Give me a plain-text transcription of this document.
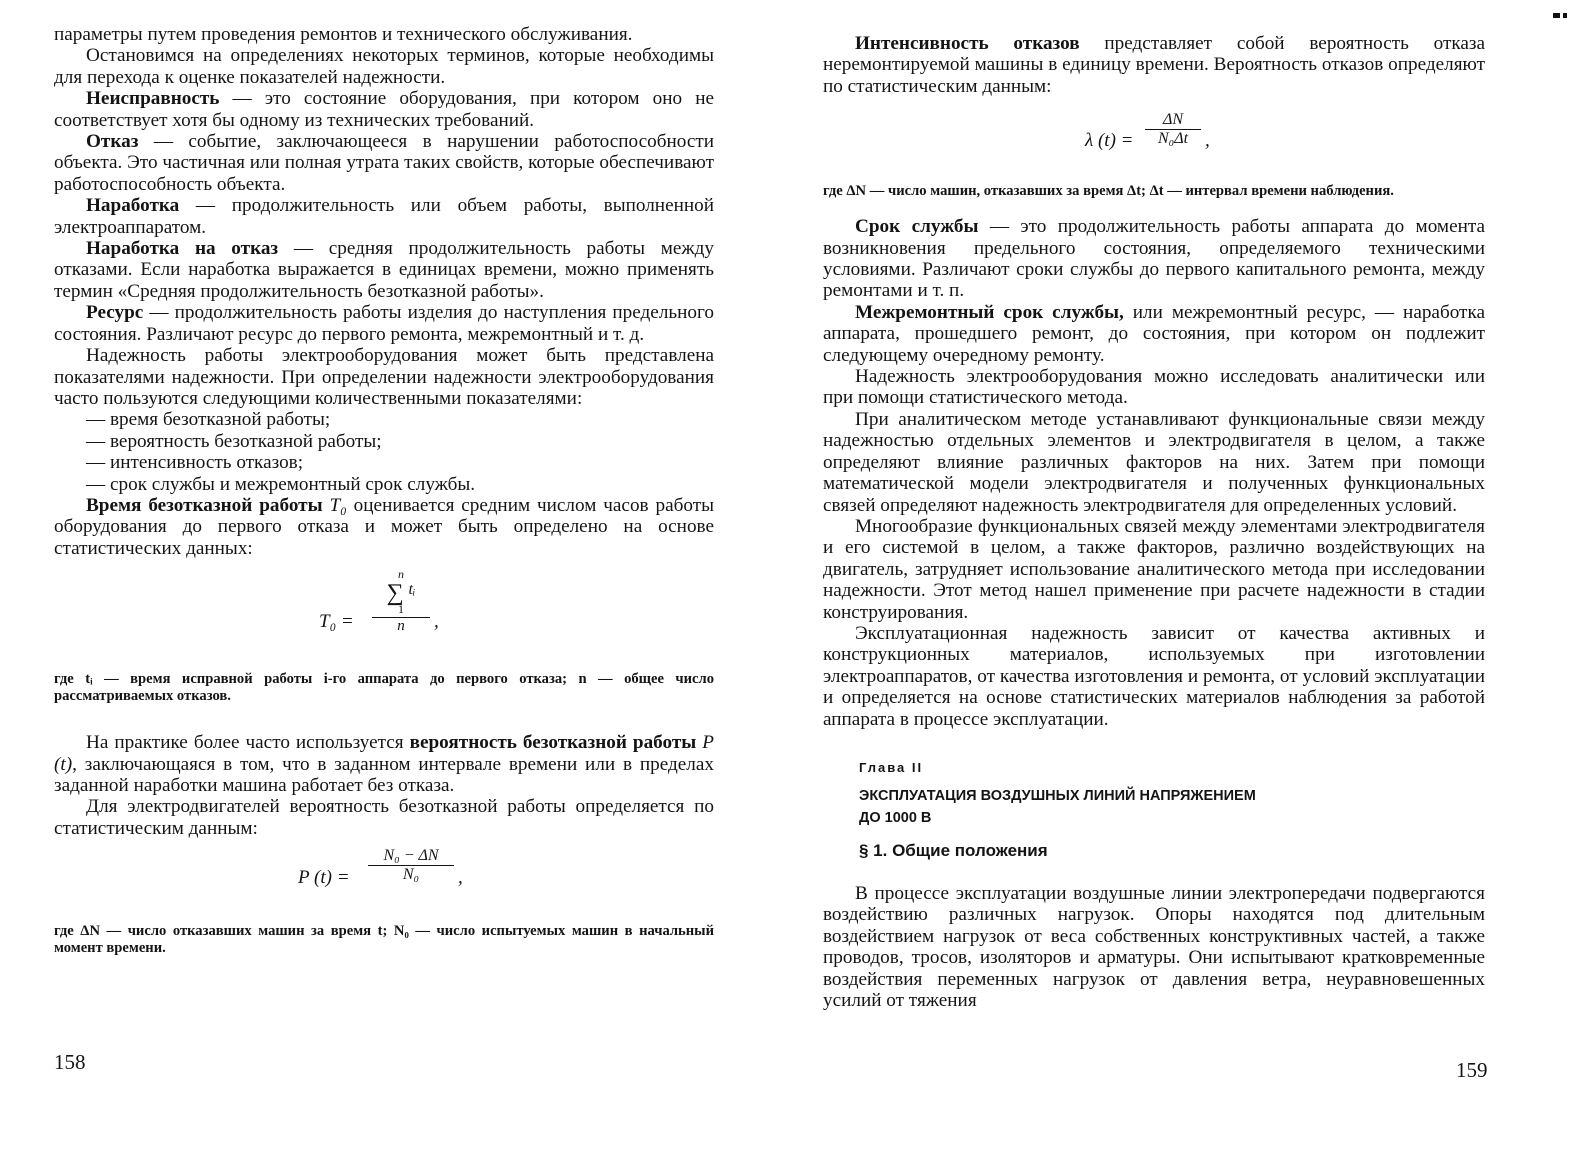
параметры путем проведения ремонтов и технического обслуживания.

Остановимся на определениях некоторых терминов, которые необходимы для перехода к оценке показателей надежности.

Неисправность — это состояние оборудования, при котором оно не соответствует хотя бы одному из технических требований.

Отказ — событие, заключающееся в нарушении работоспособности объекта. Это частичная или полная утрата таких свойств, которые обеспечивают работоспособность объекта.

Наработка — продолжительность или объем работы, выполненной электроаппаратом.

Наработка на отказ — средняя продолжительность работы между отказами. Если наработка выражается в единицах времени, можно применять термин «Средняя продолжительность безотказной работы».

Ресурс — продолжительность работы изделия до наступления предельного состояния. Различают ресурс до первого ремонта, межремонтный и т. д.

Надежность работы электрооборудования может быть представлена показателями надежности. При определении надежности электрооборудования часто пользуются следующими количественными показателями:

— время безотказной работы;

— вероятность безотказной работы;

— интенсивность отказов;

— срок службы и межремонтный срок службы.

Время безотказной работы T₀ оценивается средним числом часов работы оборудования до первого отказа и может быть определено на основе статистических данных:

T₀ =
n
∑ $^{tᵢ}$
1
n	,

где tᵢ — время исправной работы i-го аппарата до первого отказа; n — общее число рассматриваемых отказов.

На практике более часто используется вероятность безотказной работы P (t), заключающаяся в том, что в заданном интервале времени или в пределах заданной наработки машина работает без отказа.

Для электродвигателей вероятность безотказной работы определяется по статистическим данным:

P $(t) = \frac{\text{N₀ − ΔN}}{\text{N₀}}$ ,

где ΔN — число отказавших машин за время t; N₀ — число испытуемых машин в начальный момент времени.

158

Интенсивность отказов представляет собой вероятность отказа неремонтируемой машины в единицу времени. Вероятность отказов определяют по статистическим данным:

λ $(t) = \frac{\Delta N}{\text{N₀Δt}}$ ,

где ΔN — число машин, отказавших за время Δt; Δt — интервал времени наблюдения.

Срок службы — это продолжительность работы аппарата до момента возникновения предельного состояния, определяемого техническими условиями. Различают сроки службы до первого капитального ремонта, между ремонтами и т. п.

Межремонтный срок службы, или межремонтный ресурс, — наработка аппарата, прошедшего ремонт, до состояния, при котором он подлежит следующему очередному ремонту.

Надежность электрооборудования можно исследовать аналитически или при помощи статистического метода.

При аналитическом методе устанавливают функциональные связи между надежностью отдельных элементов и электродвигателя в целом, а также определяют влияние различных факторов на них. Затем при помощи математической модели электродвигателя и полученных функциональных связей определяют надежность электродвигателя для определенных условий.

Многообразие функциональных связей между элементами электродвигателя и его системой в целом, а также факторов, различно воздействующих на двигатель, затрудняет использование аналитического метода при исследовании надежности. Этот метод нашел применение при расчете надежности в стадии конструирования.

Эксплуатационная надежность зависит от качества активных и конструкционных материалов, используемых при изготовлении электроаппаратов, от качества изготовления и ремонта, от условий эксплуатации и определяется на основе статистических материалов наблюдения за работой аппарата в процессе эксплуатации.

Глава II
ЭКСПЛУАТАЦИЯ ВОЗДУШНЫХ ЛИНИЙ НАПРЯЖЕНИЕМ
ДО 1000 В
§ 1. Общие положения

В процессе эксплуатации воздушные линии электропередачи подвергаются воздействию различных нагрузок. Опоры находятся под длительным воздействием нагрузок от веса собственных конструктивных частей, а также проводов, тросов, изоляторов и арматуры. Они испытывают кратковременные воздействия переменных нагрузок от давления ветра, неуравновешенных усилий от тяжения

159
